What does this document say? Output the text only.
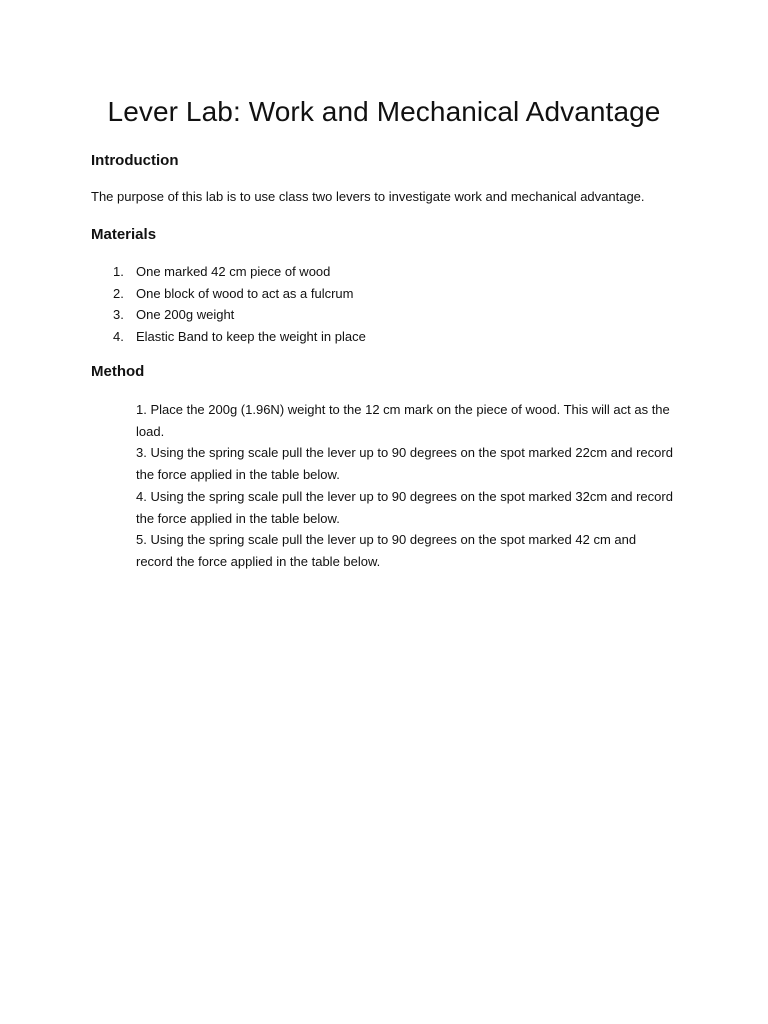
Lever Lab: Work and Mechanical Advantage
Introduction

The purpose of this lab is to use class two levers to investigate work and mechanical advantage.

Materials
1. One marked 42 cm piece of wood
2. One block of wood to act as a fulcrum
3. One 200g weight
4. Elastic Band to keep the weight in place
Method
1. Place the 200g (1.96N) weight to the 12 cm mark on the piece of wood. This will act as the load.
3. Using the spring scale pull the lever up to 90 degrees on the spot marked 22cm and record the force applied in the table below.
4. Using the spring scale pull the lever up to 90 degrees on the spot marked 32cm and record the force applied in the table below.
5. Using the spring scale pull the lever up to 90 degrees on the spot marked 42 cm and record the force applied in the table below.
